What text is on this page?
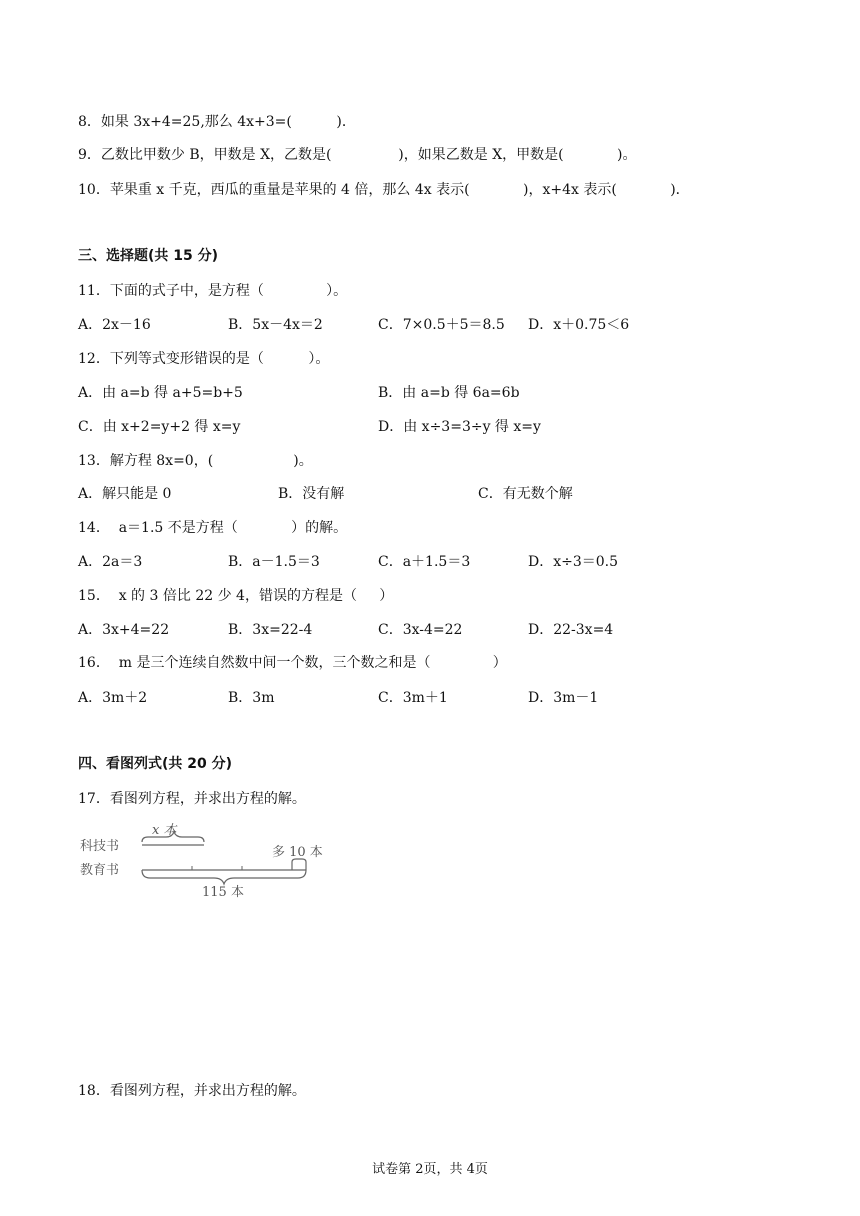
8．如果 3x+4=25,那么 4x+3=(          )．
9．乙数比甲数少 B，甲数是 X，乙数是(               )，如果乙数是 X，甲数是(            )。
10．苹果重 x 千克，西瓜的重量是苹果的 4 倍，那么 4x 表示(            )，x+4x 表示(            )．
三、选择题(共 15 分)
11．下面的式子中，是方程（              ）。
A．2x－16	B．5x－4x＝2	C．7×0.5＋5＝8.5 D．x＋0.75＜6
12．下列等式变形错误的是（          ）。
A．由 a=b 得 a+5=b+5	B．由 a=b 得 6a=6b
C．由 x+2=y+2 得 x=y	D．由 x÷3=3÷y 得 x=y
13．解方程 8x=0，(                  )。
A．解只能是 0	B．没有解	C．有无数个解
14．  a＝1.5 不是方程（            ）的解。
A．2a＝3	B．a－1.5＝3	C．a＋1.5＝3	D．x÷3＝0.5
15．  x 的 3 倍比 22 少 4，错误的方程是（     ）
A．3x+4=22	B．3x=22-4	C．3x-4=22	D．22-3x=4
16．  m 是三个连续自然数中间一个数，三个数之和是（              ）
A．3m＋2	B．3m	C．3m＋1	D．3m－1
四、看图列式(共 20 分)
17．看图列方程，并求出方程的解。
x 本
科技书	多 10 本
教育书
115 本
18．看图列方程，并求出方程的解。
试卷第 2页，共 4页
